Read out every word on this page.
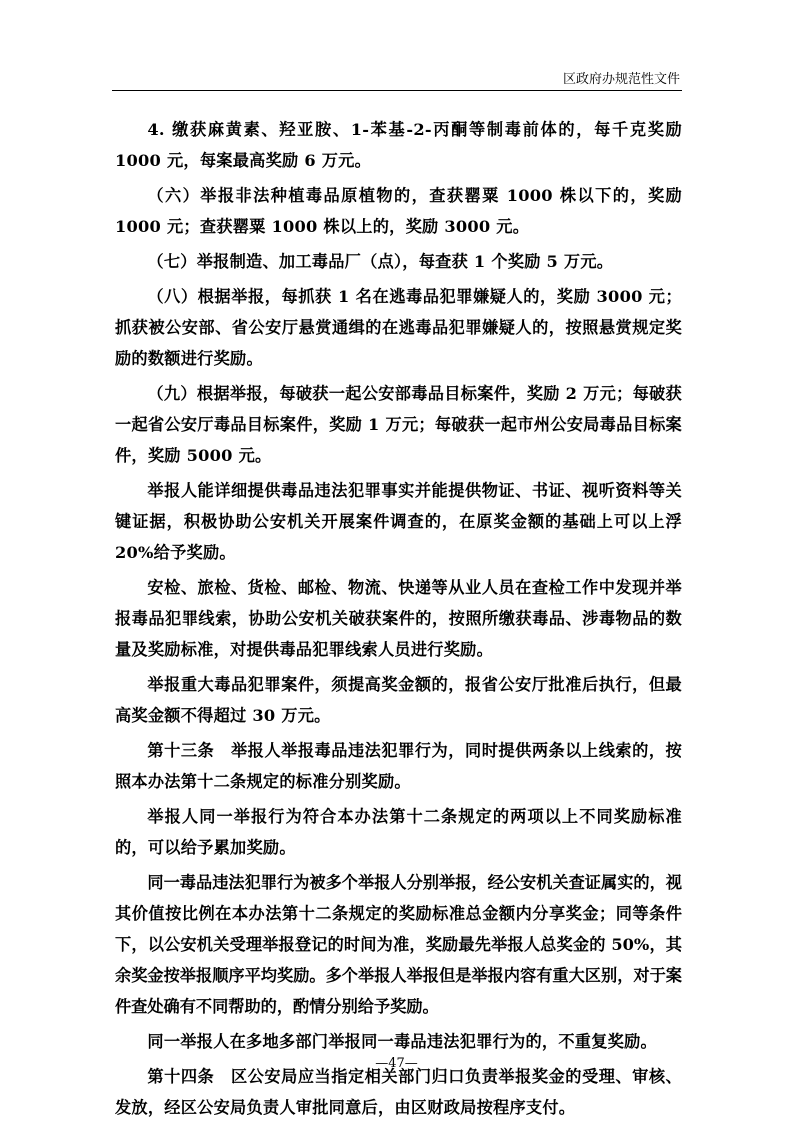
区政府办规范性文件

4. 缴获麻黄素、羟亚胺、1-苯基-2-丙酮等制毒前体的，每千克奖励 1000 元，每案最高奖励 6 万元。

（六）举报非法种植毒品原植物的，查获罂粟 1000 株以下的，奖励 1000 元；查获罂粟 1000 株以上的，奖励 3000 元。

（七）举报制造、加工毒品厂（点），每查获 1 个奖励 5 万元。

（八）根据举报，每抓获 1 名在逃毒品犯罪嫌疑人的，奖励 3000 元；抓获被公安部、省公安厅悬赏通缉的在逃毒品犯罪嫌疑人的，按照悬赏规定奖励的数额进行奖励。

（九）根据举报，每破获一起公安部毒品目标案件，奖励 2 万元；每破获一起省公安厅毒品目标案件，奖励 1 万元；每破获一起市州公安局毒品目标案件，奖励 5000 元。

举报人能详细提供毒品违法犯罪事实并能提供物证、书证、视听资料等关键证据，积极协助公安机关开展案件调查的，在原奖金额的基础上可以上浮 20%给予奖励。

安检、旅检、货检、邮检、物流、快递等从业人员在查检工作中发现并举报毒品犯罪线索，协助公安机关破获案件的，按照所缴获毒品、涉毒物品的数量及奖励标准，对提供毒品犯罪线索人员进行奖励。

举报重大毒品犯罪案件，须提高奖金额的，报省公安厅批准后执行，但最高奖金额不得超过 30 万元。

第十三条　举报人举报毒品违法犯罪行为，同时提供两条以上线索的，按照本办法第十二条规定的标准分别奖励。

举报人同一举报行为符合本办法第十二条规定的两项以上不同奖励标准的，可以给予累加奖励。

同一毒品违法犯罪行为被多个举报人分别举报，经公安机关查证属实的，视其价值按比例在本办法第十二条规定的奖励标准总金额内分享奖金；同等条件下，以公安机关受理举报登记的时间为准，奖励最先举报人总奖金的 50%，其余奖金按举报顺序平均奖励。多个举报人举报但是举报内容有重大区别，对于案件查处确有不同帮助的，酌情分别给予奖励。

同一举报人在多地多部门举报同一毒品违法犯罪行为的，不重复奖励。

第十四条　区公安局应当指定相关部门归口负责举报奖金的受理、审核、发放，经区公安局负责人审批同意后，由区财政局按程序支付。

—47—
